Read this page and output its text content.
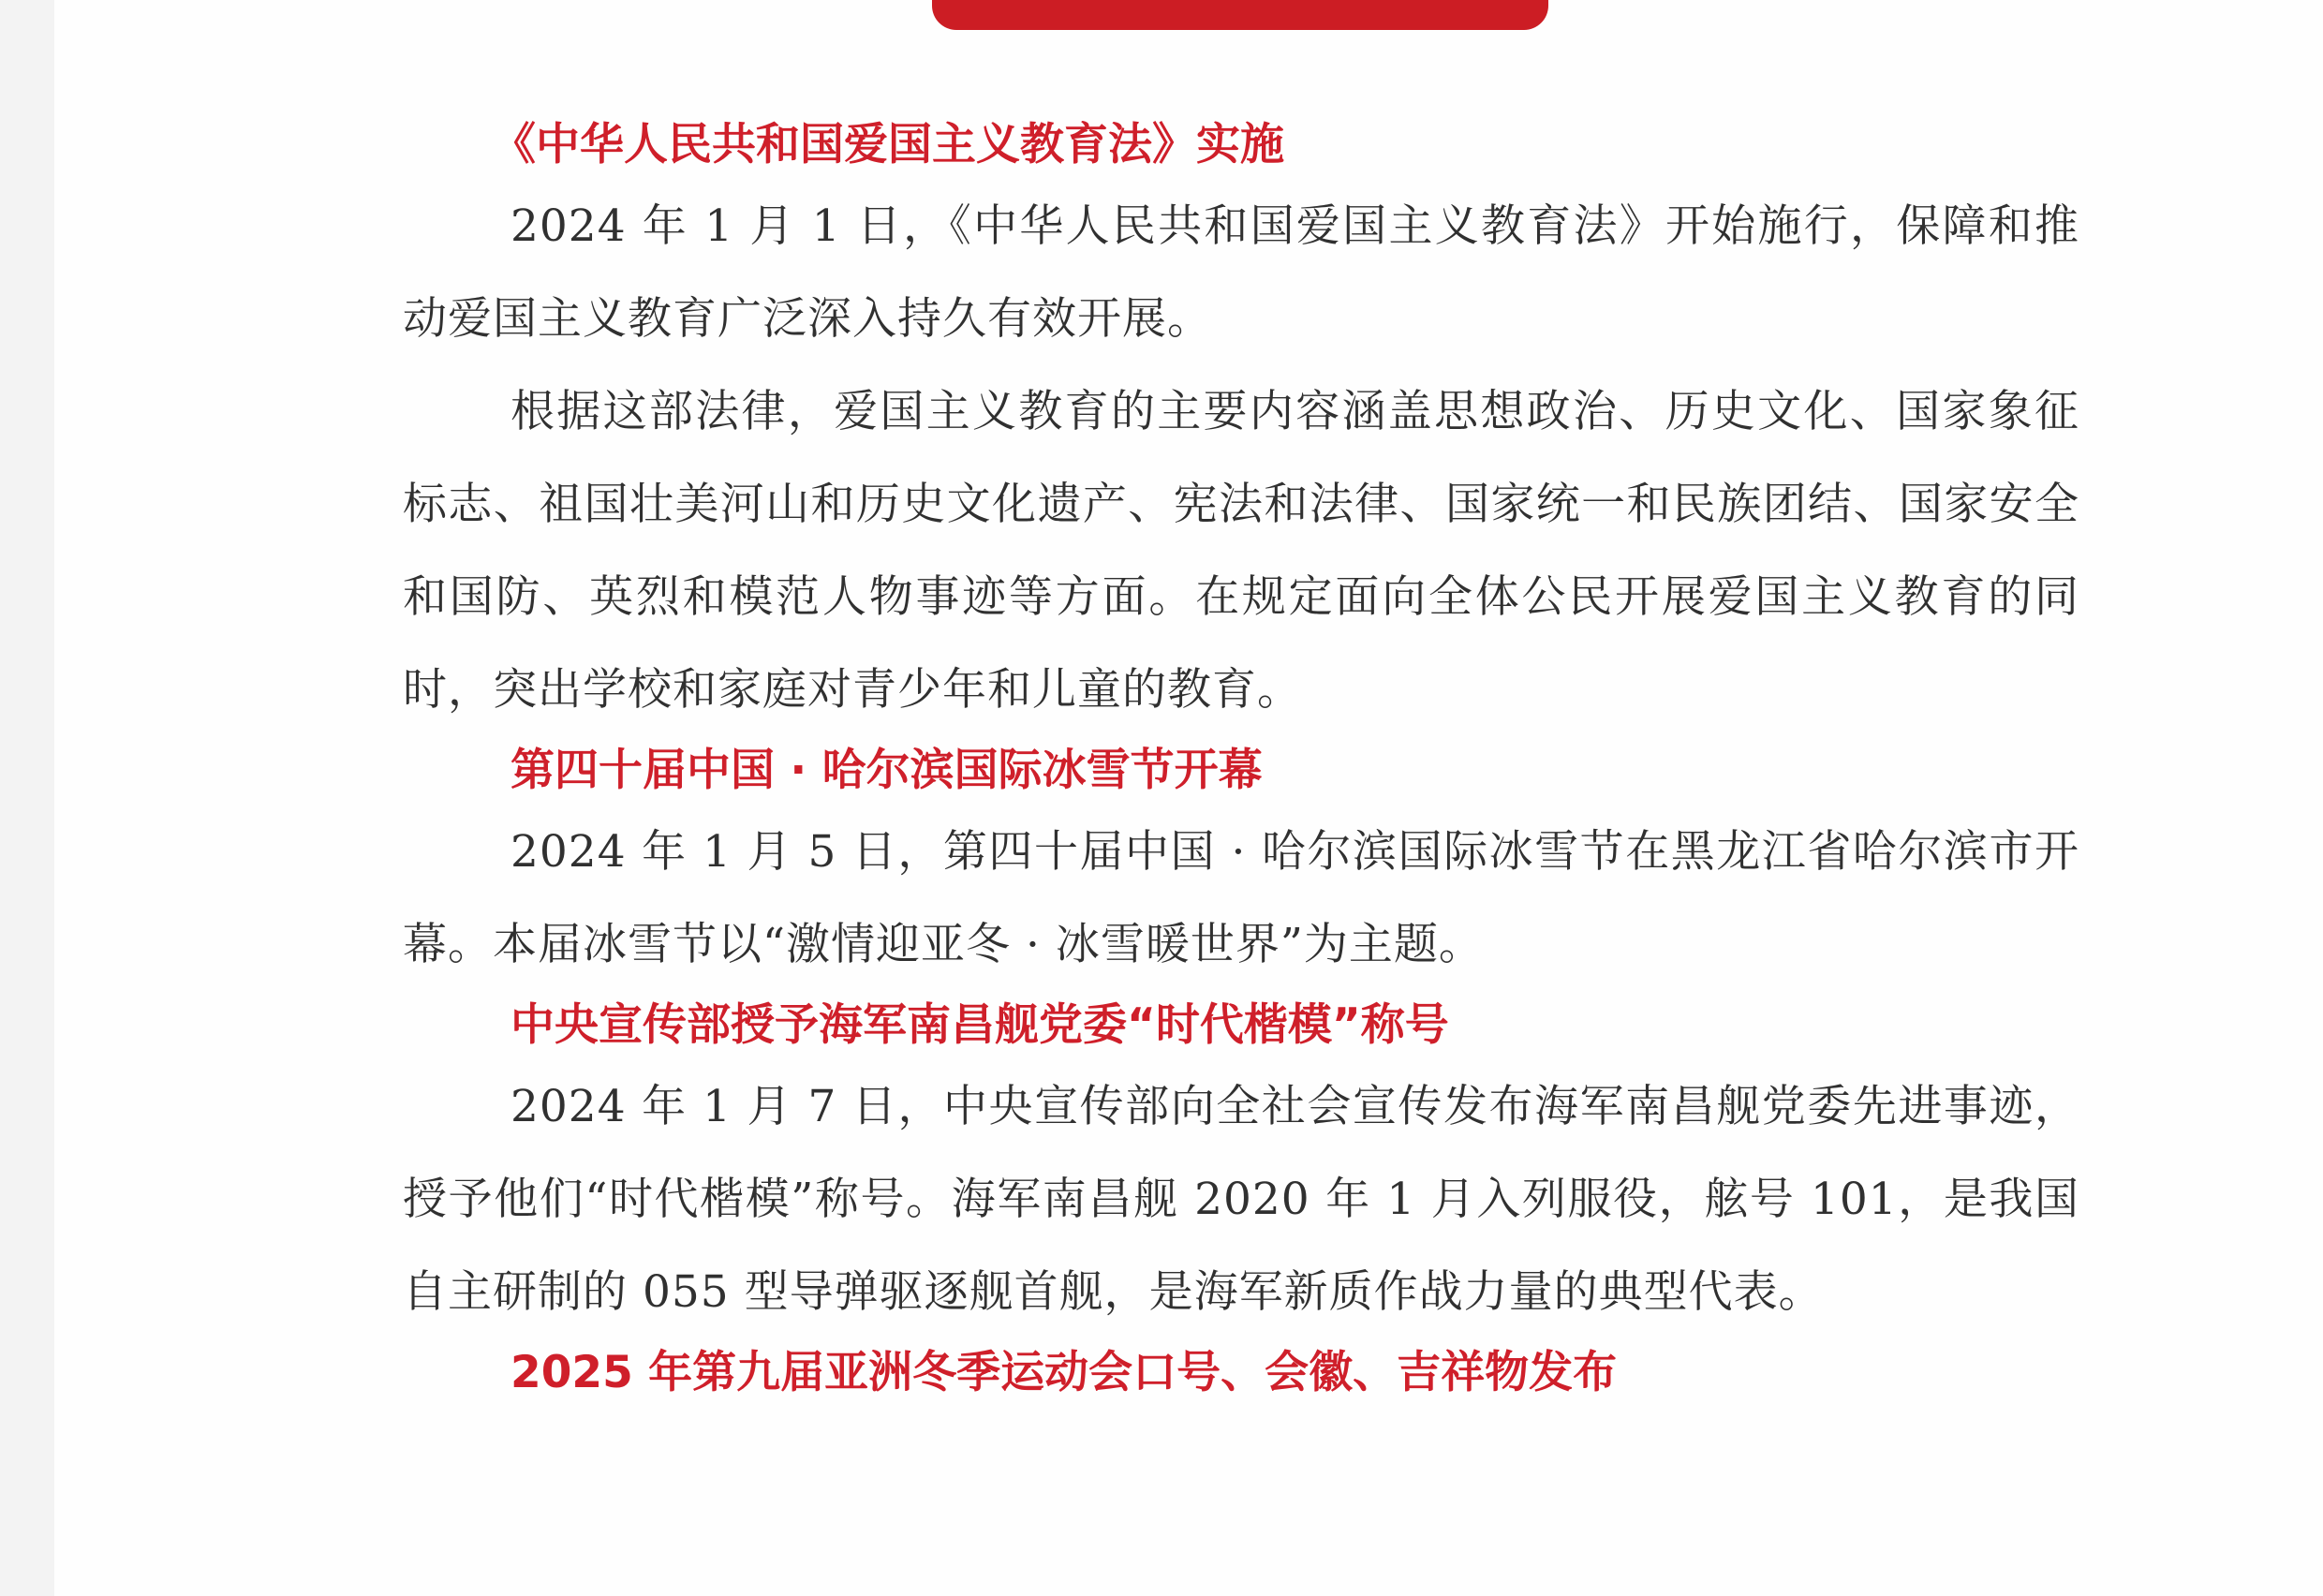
《中华人民共和国爱国主义教育法》实施

2024 年 1 月 1 日，《中华人民共和国爱国主义教育法》开始施行，保障和推动爱国主义教育广泛深入持久有效开展。

根据这部法律，爱国主义教育的主要内容涵盖思想政治、历史文化、国家象征标志、祖国壮美河山和历史文化遗产、宪法和法律、国家统一和民族团结、国家安全和国防、英烈和模范人物事迹等方面。在规定面向全体公民开展爱国主义教育的同时，突出学校和家庭对青少年和儿童的教育。

第四十届中国 · 哈尔滨国际冰雪节开幕

2024 年 1 月 5 日，第四十届中国 · 哈尔滨国际冰雪节在黑龙江省哈尔滨市开幕。本届冰雪节以“激情迎亚冬 · 冰雪暖世界”为主题。

中央宣传部授予海军南昌舰党委“时代楷模”称号

2024 年 1 月 7 日，中央宣传部向全社会宣传发布海军南昌舰党委先进事迹，授予他们“时代楷模”称号。海军南昌舰 2020 年 1 月入列服役，舷号 101，是我国自主研制的 055 型导弹驱逐舰首舰，是海军新质作战力量的典型代表。

2025 年第九届亚洲冬季运动会口号、会徽、吉祥物发布
